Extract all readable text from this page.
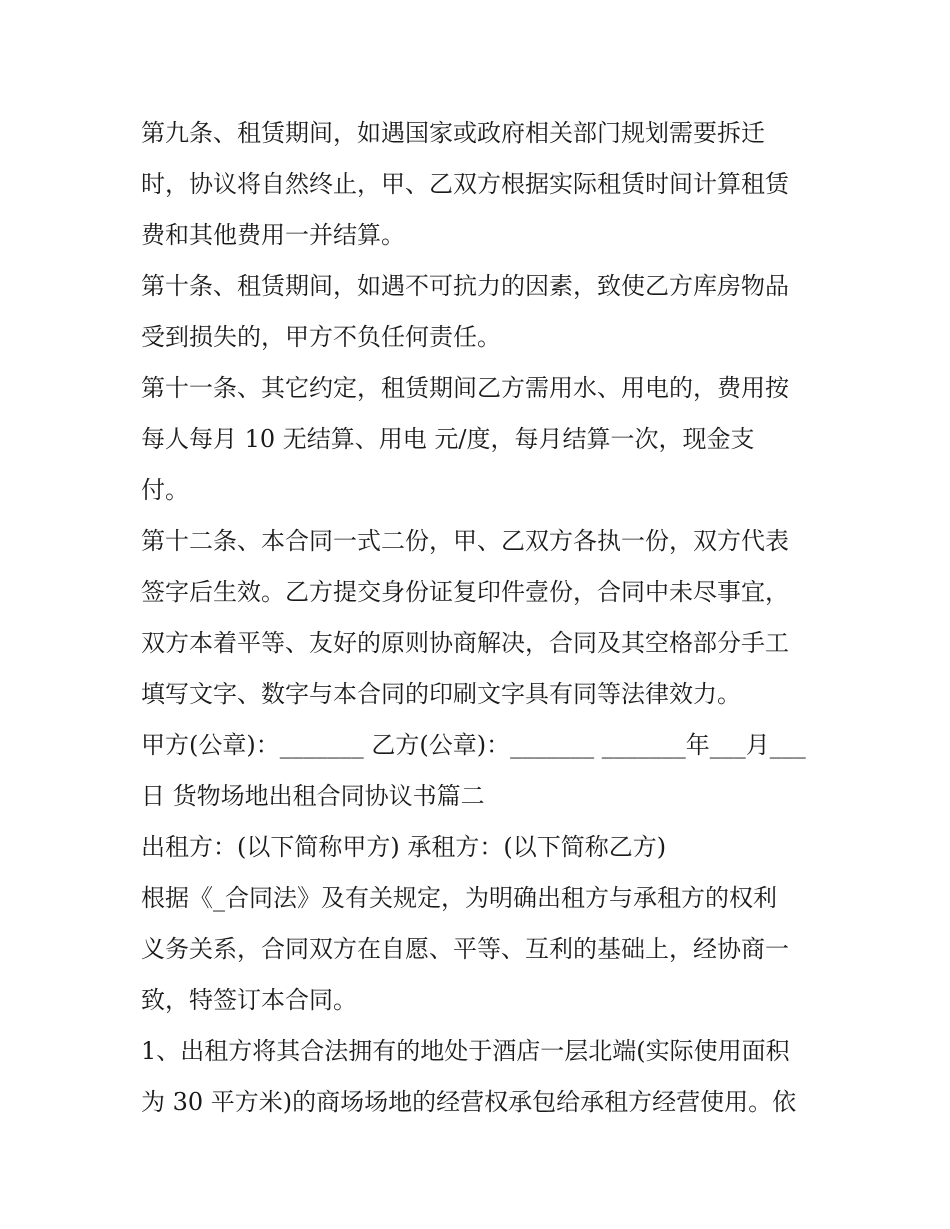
第九条、租赁期间，如遇国家或政府相关部门规划需要拆迁
时，协议将自然终止，甲、乙双方根据实际租赁时间计算租赁
费和其他费用一并结算。
第十条、租赁期间，如遇不可抗力的因素，致使乙方库房物品
受到损失的，甲方不负任何责任。
第十一条、其它约定，租赁期间乙方需用水、用电的，费用按
每人每月 10 无结算、用电 元/度，每月结算一次，现金支
付。
第十二条、本合同一式二份，甲、乙双方各执一份，双方代表
签字后生效。乙方提交身份证复印件壹份，合同中未尽事宜，
双方本着平等、友好的原则协商解决，合同及其空格部分手工
填写文字、数字与本合同的印刷文字具有同等法律效力。
甲方(公章)：_______ 乙方(公章)：_______ _______年___月___
日 货物场地出租合同协议书篇二
出租方：(以下简称甲方) 承租方：(以下简称乙方)
根据《_合同法》及有关规定，为明确出租方与承租方的权利
义务关系，合同双方在自愿、平等、互利的基础上，经协商一
致，特签订本合同。
1、出租方将其合法拥有的地处于酒店一层北端(实际使用面积
为 30 平方米)的商场场地的经营权承包给承租方经营使用。依
